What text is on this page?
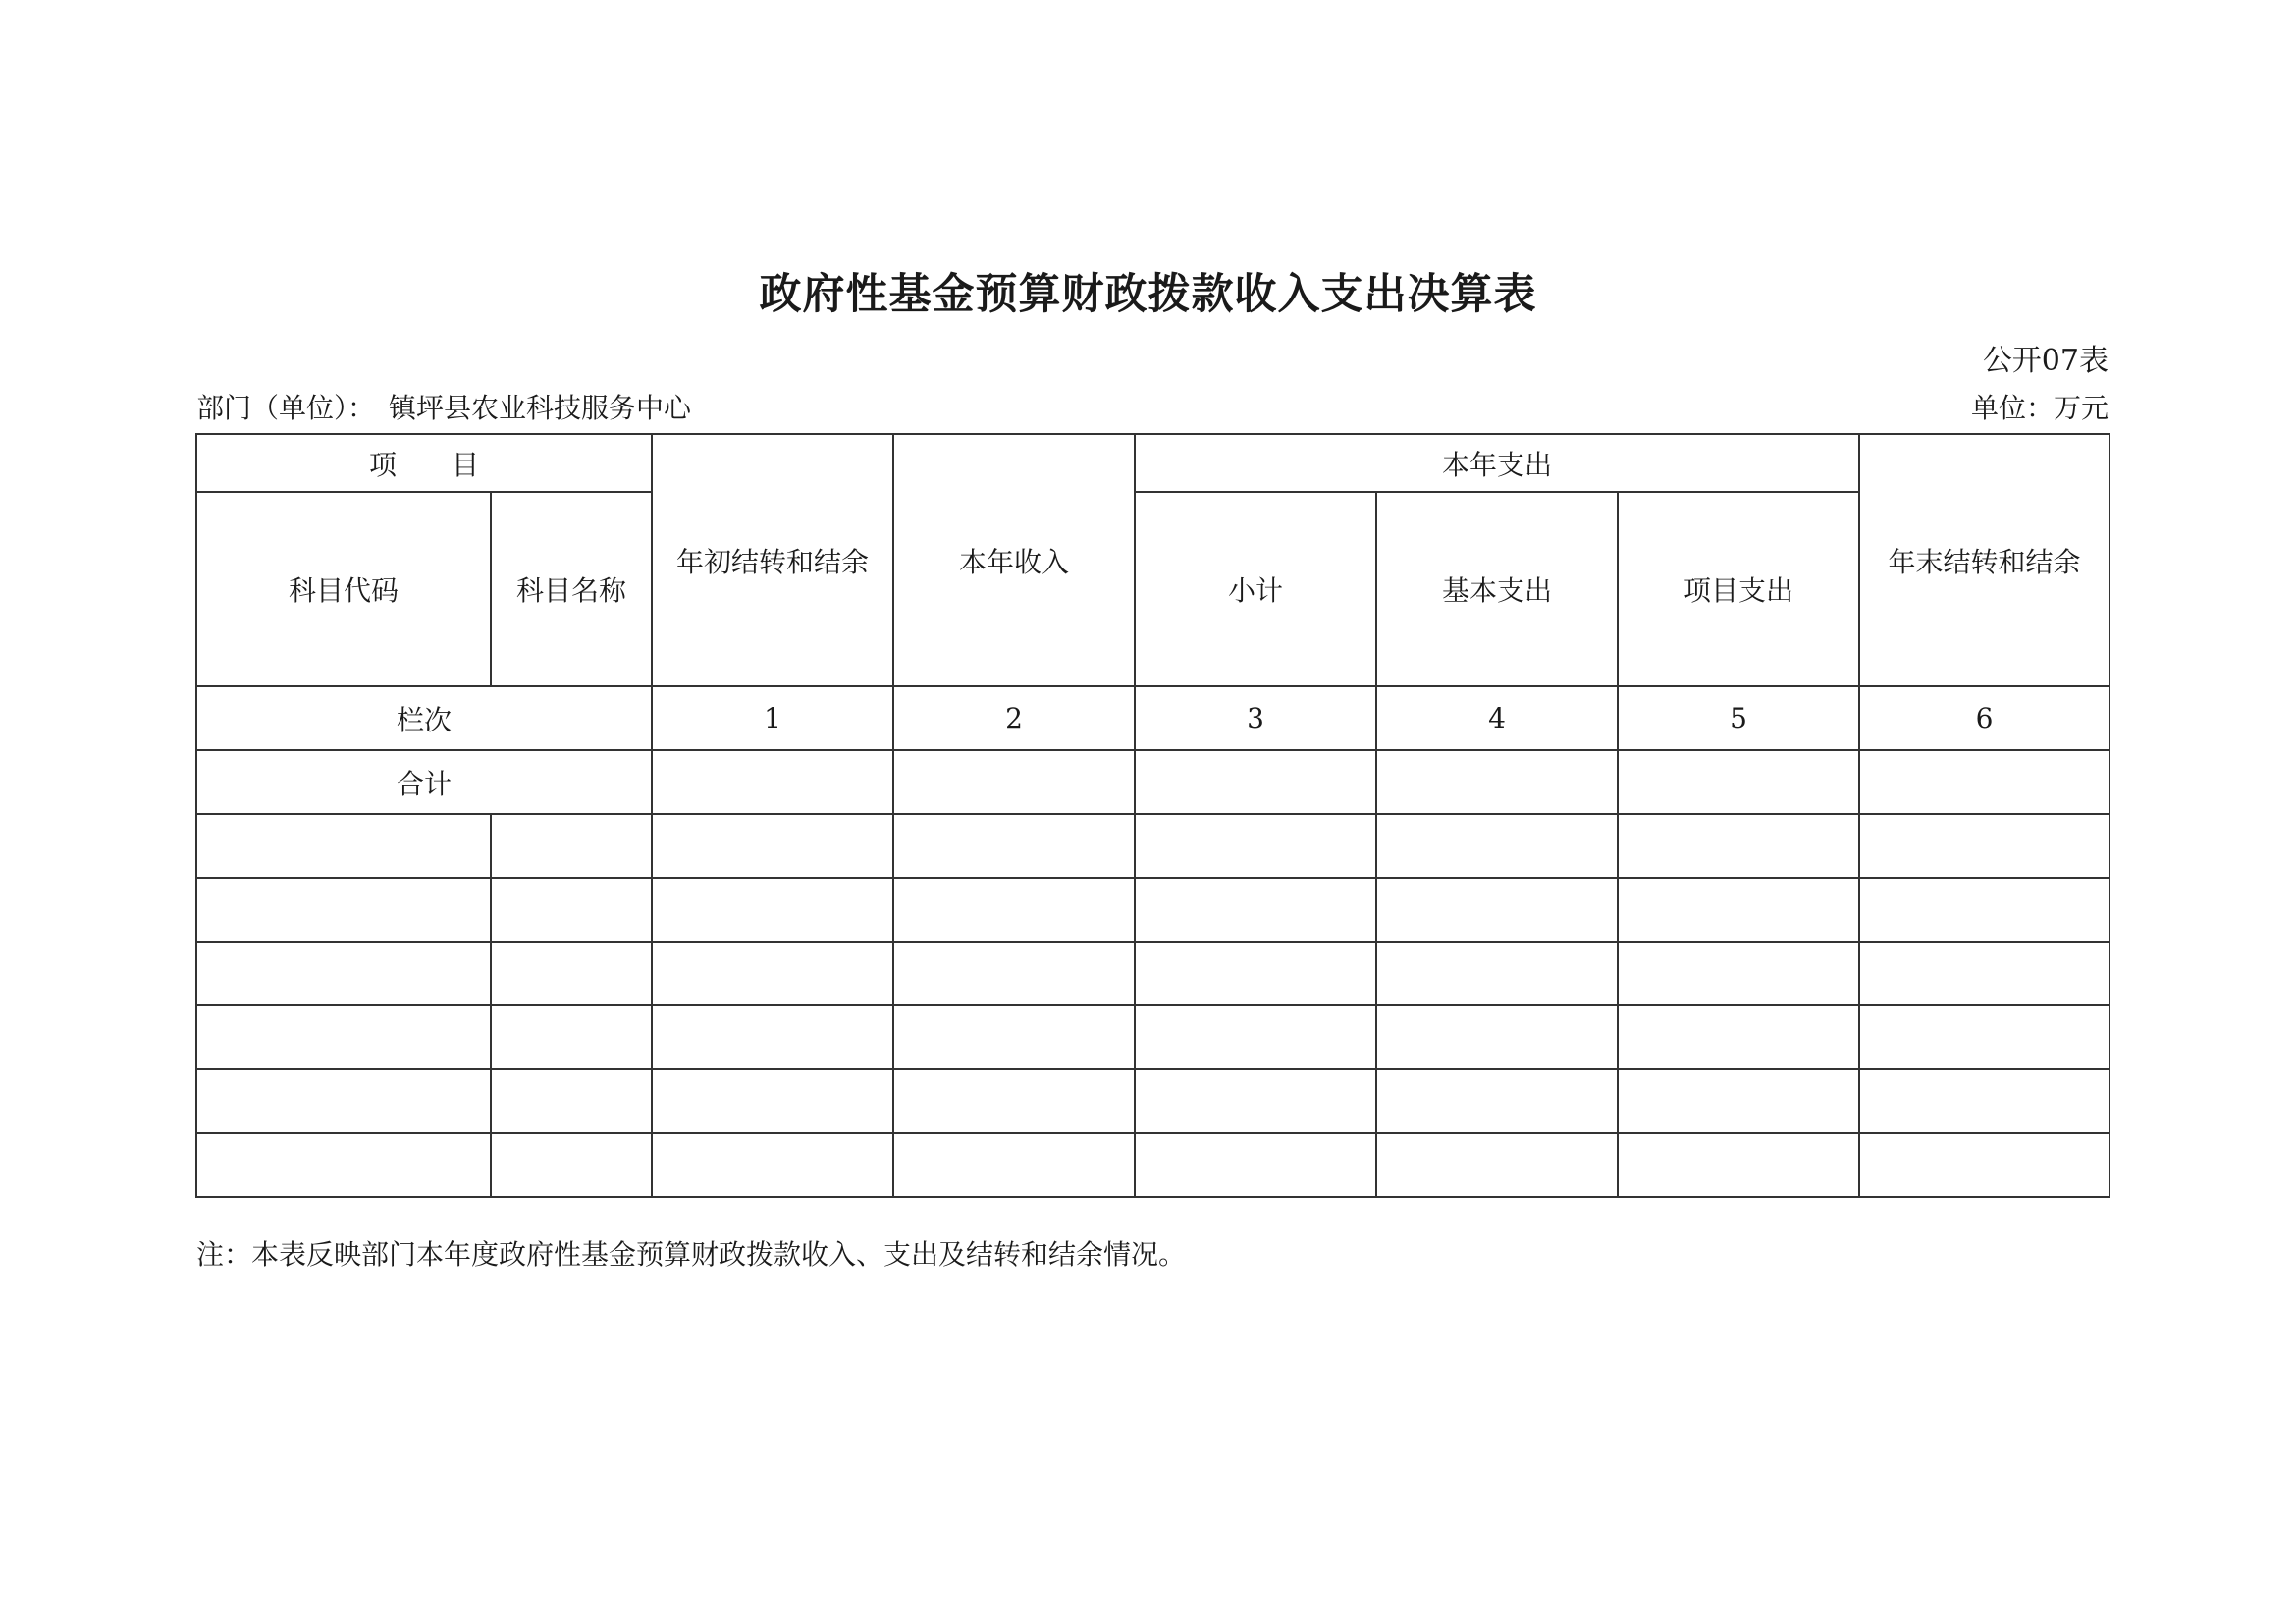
政府性基金预算财政拨款收入支出决算表
公开07表
部门（单位）： 镇坪县农业科技服务中心	单位：万元
项　　目		年初结转和结余	本年收入	本年支出			年末结转和结余
科目代码	科目名称			小计	基本支出	项目支出	
栏次		1	2	3	4	5	6
合计							

注：本表反映部门本年度政府性基金预算财政拨款收入、支出及结转和结余情况。
